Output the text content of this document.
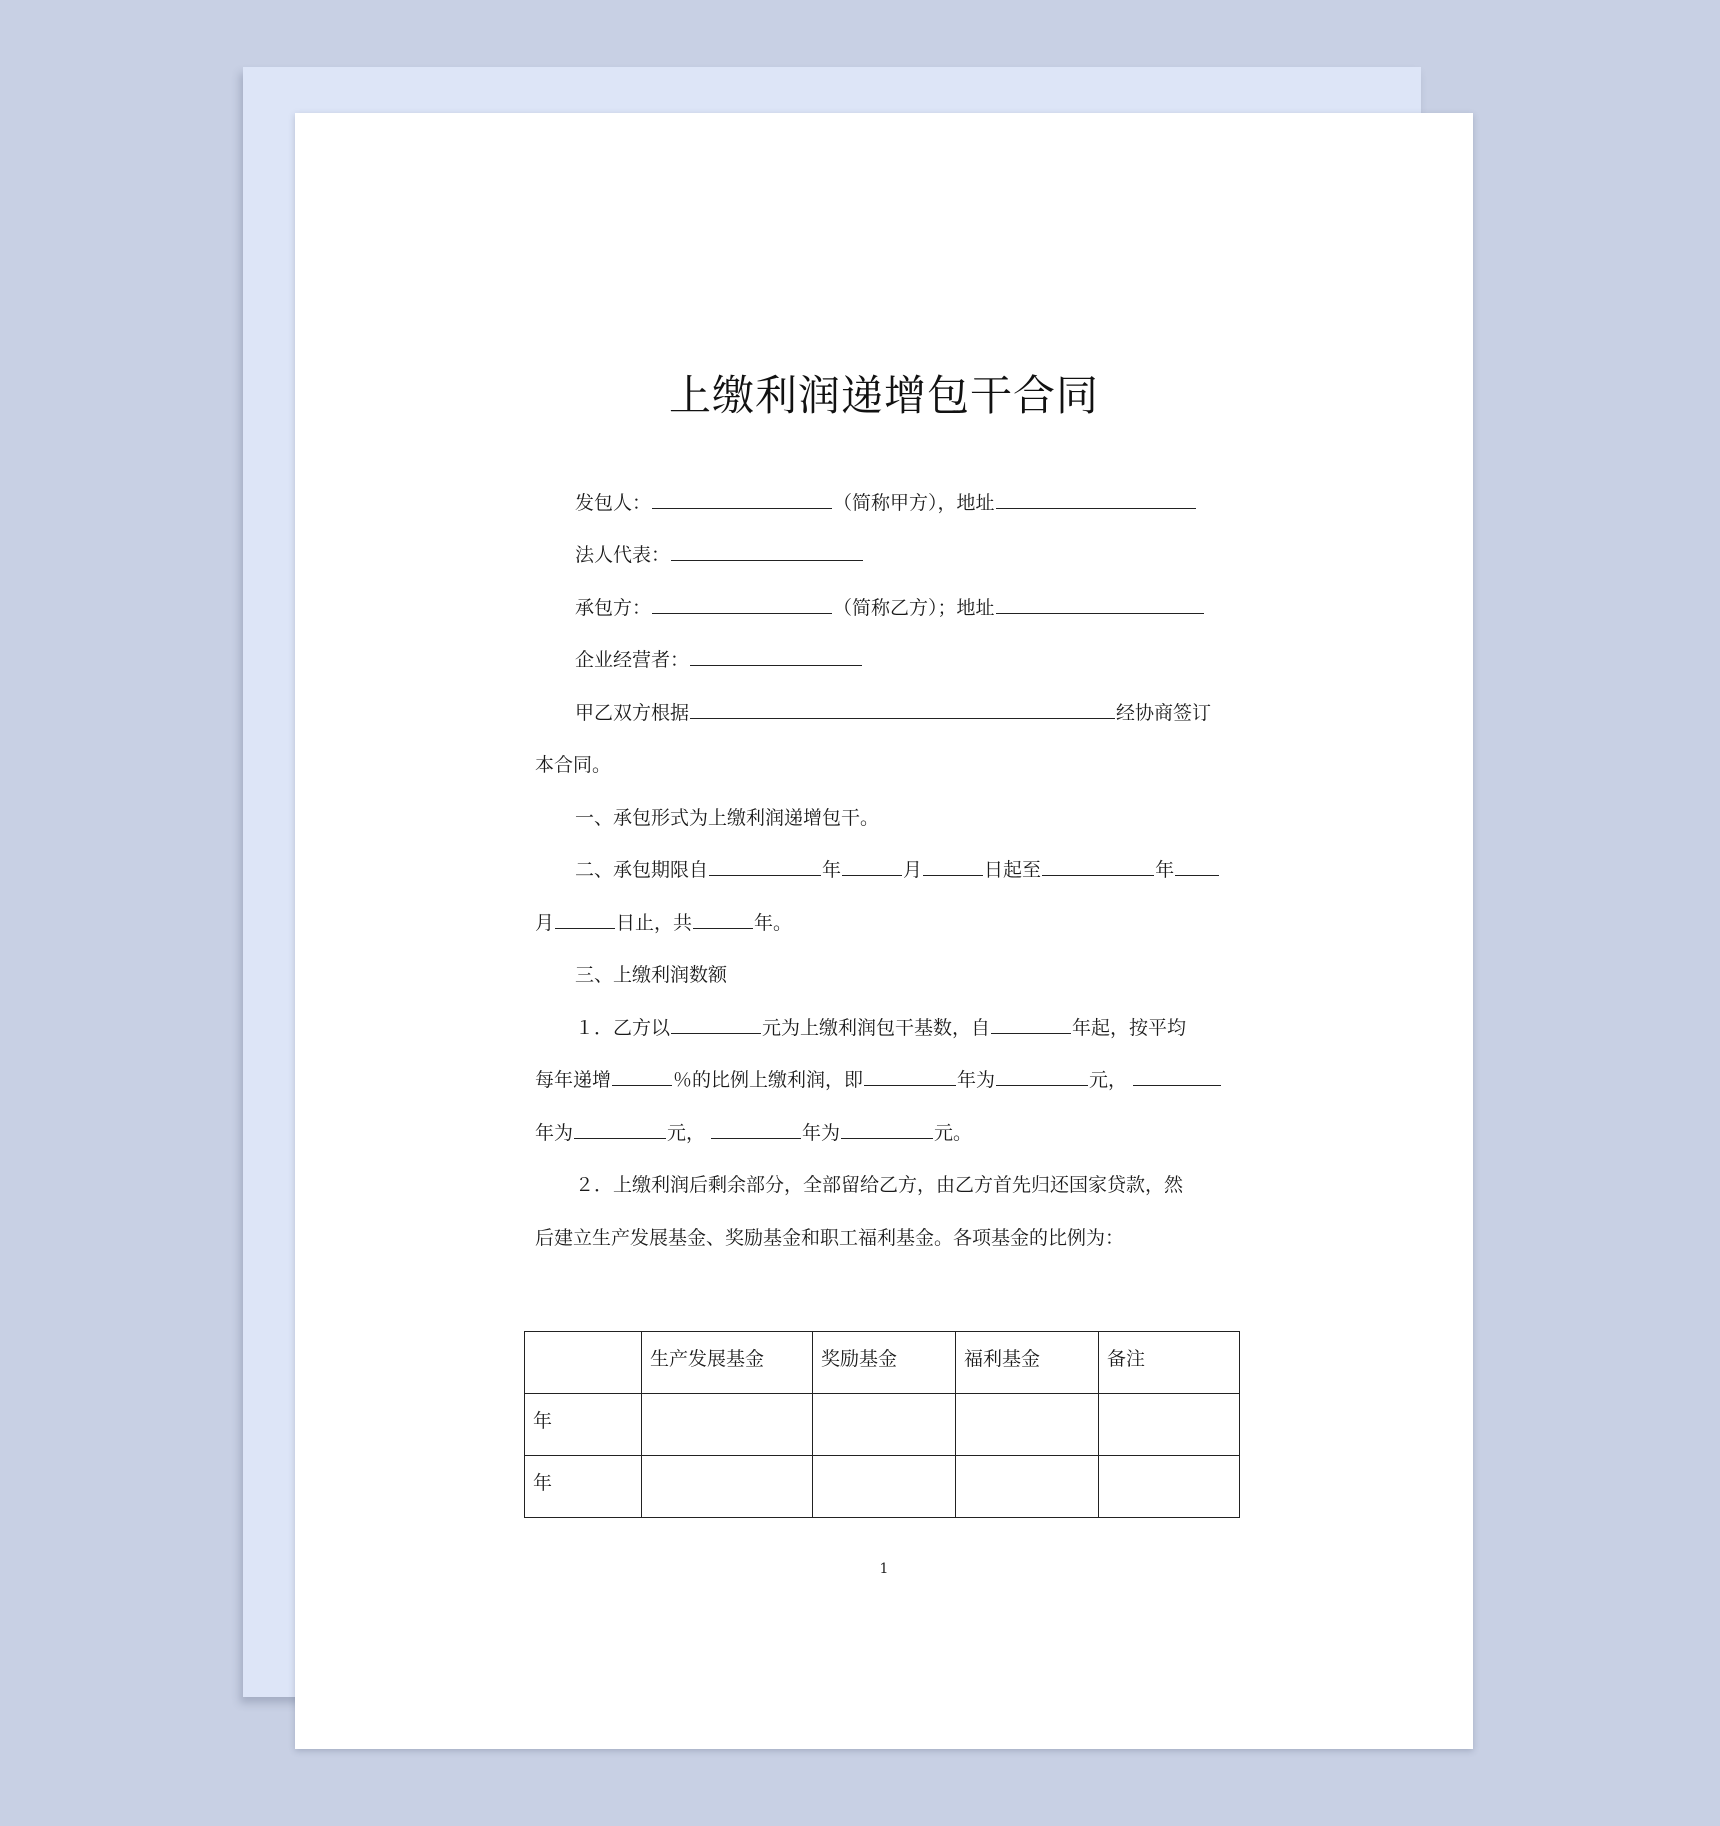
上缴利润递增包干合同
发包人：	（简称甲方），地址
法人代表：
承包方：	（简称乙方）；地址
企业经营者：
甲乙双方根据	经协商签订
本合同。
一、承包形式为上缴利润递增包干。
二、承包期限自	年	月	日起至	年
月	日止，共	年。
三、上缴利润数额
１．乙方以	元为上缴利润包干基数，自	年起，按平均
每年递增	％的比例上缴利润，即	年为	元，
年为	元，	年为	元。
２．上缴利润后剩余部分，全部留给乙方，由乙方首先归还国家贷款，然
后建立生产发展基金、奖励基金和职工福利基金。各项基金的比例为：
	生产发展基金	奖励基金	福利基金	备注
年				
年				
1
